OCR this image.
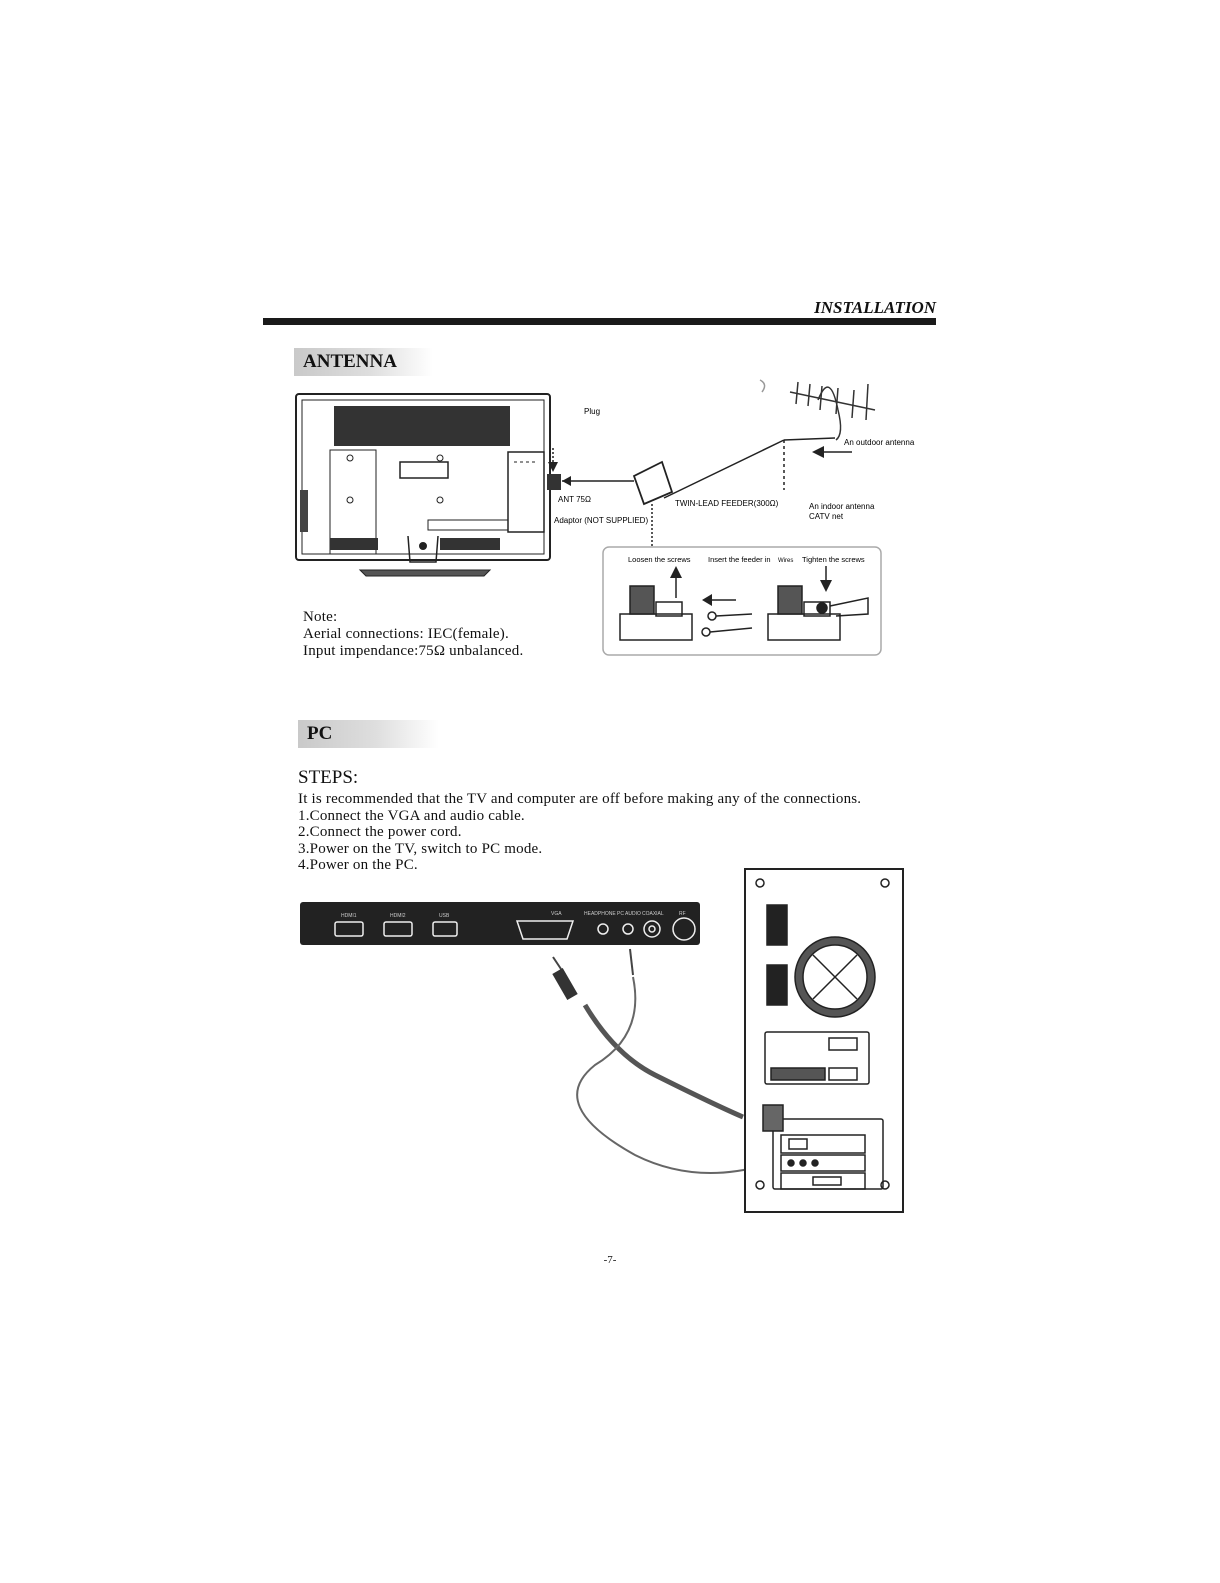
INSTALLATION
ANTENNA
Plug
An outdoor antenna
TWIN-LEAD FEEDER(300Ω)	An indoor antenna
CATV net
ANT 75Ω
Adaptor (NOT SUPPLIED)
Loosen the screws Insert the feeder in Wires Tighten the screws
Note:
Aerial connections: IEC(female).
Input impendance:75Ω unbalanced.
PC
STEPS:
It is recommended that the TV and computer are off before making any of the connections.
1.Connect the VGA and audio cable.
2.Connect the power cord.
3.Power on the TV, switch to PC mode.
4.Power on the PC.
HDMI1	HDMI2	USB	VGA	HEADPHONE PC AUDIO COAXIAL	RF
-7-
